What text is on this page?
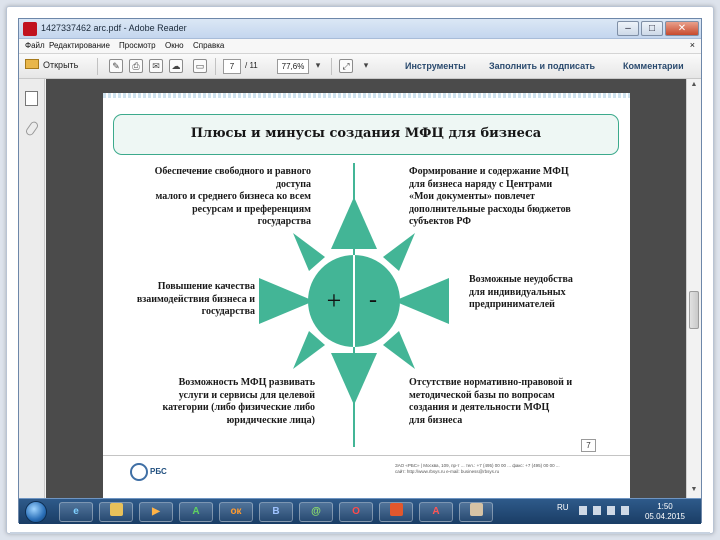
1427337462 arc.pdf - Adobe Reader	–	□	✕
Файл Редактирование Просмотр Окно Справка	×
Открыть	✎	⎙	✉	☁	▭	7	/ 11	77,6%	▾	⤢	▾	Инструменты	Заполнить и подписать	Комментарии
Плюсы и минусы создания МФЦ для бизнеса
+ -
Обеспечение свободного и равного
доступа
малого и среднего бизнеса ко всем
ресурсам и преференциям
государства
Повышение качества
взаимодействия бизнеса и
государства
Возможность МФЦ развивать
услуги и сервисы для целевой
категории (либо физические либо
юридические лица)
Формирование и содержание МФЦ
для бизнеса наряду с Центрами
«Мои документы» повлечет
дополнительные расходы бюджетов
субъектов РФ
Возможные неудобства
для индивидуальных
предпринимателей
Отсутствие нормативно-правовой и
методической базы по вопросам
создания и деятельности МФЦ
для бизнеса
7
РБС
ЗАО «РБС» | Москва, 109, пр-т ... тел.: +7 (495) 00 00 ... факс: +7 (495) 00 00 ...
сайт: http://www.rbsys.ru e-mail: business@rbsys.ru
▲
▼
e	▶	A	ок	В	@	O	A	RU	1:50
05.04.2015
